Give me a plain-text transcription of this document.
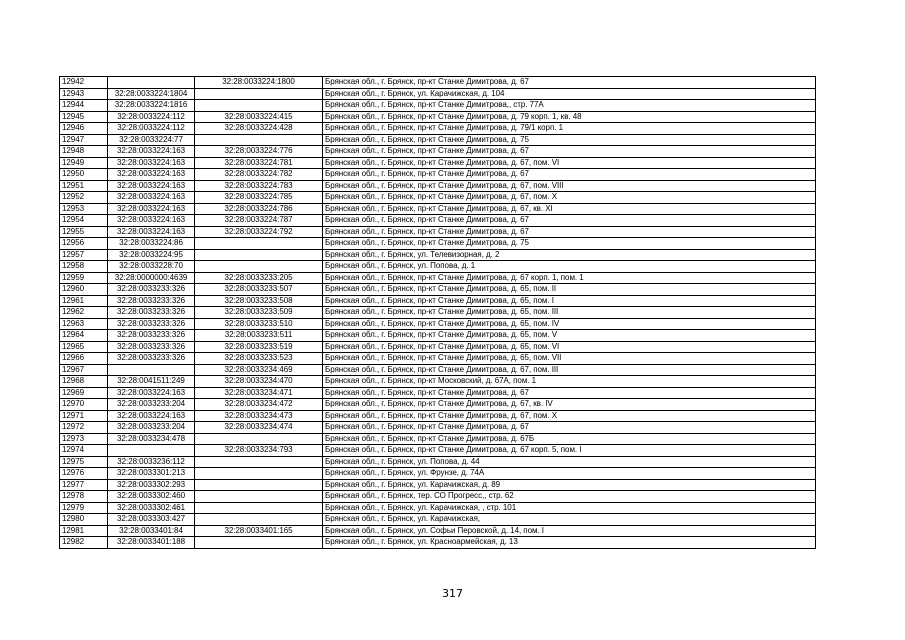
12942		32:28:0033224:1800	Брянская обл., г. Брянск, пр-кт Станке Димитрова, д. 67
12943	32:28:0033224:1804		Брянская обл., г. Брянск, ул. Карачижская, д. 104
12944	32:28:0033224:1816		Брянская обл., г. Брянск, пр-кт Станке Димитрова,, стр. 77А
12945	32:28:0033224:112	32:28:0033224:415	Брянская обл., г. Брянск, пр-кт Станке Димитрова, д. 79 корп. 1, кв. 48
12946	32:28:0033224:112	32:28:0033224:428	Брянская обл., г. Брянск, пр-кт Станке Димитрова, д. 79/1 корп. 1
12947	32:28:0033224:77		Брянская обл., г. Брянск, пр-кт Станке Димитрова, д. 75
12948	32:28:0033224:163	32:28:0033224:776	Брянская обл., г. Брянск, пр-кт Станке Димитрова, д. 67
12949	32:28:0033224:163	32:28:0033224:781	Брянская обл., г. Брянск, пр-кт Станке Димитрова, д. 67, пом. VI
12950	32:28:0033224:163	32:28:0033224:782	Брянская обл., г. Брянск, пр-кт Станке Димитрова, д. 67
12951	32:28:0033224:163	32:28:0033224:783	Брянская обл., г. Брянск, пр-кт Станке Димитрова, д. 67, пом. VIII
12952	32:28:0033224:163	32:28:0033224:785	Брянская обл., г. Брянск, пр-кт Станке Димитрова, д. 67, пом. Х
12953	32:28:0033224:163	32:28:0033224:786	Брянская обл., г. Брянск, пр-кт Станке Димитрова, д. 67, кв. XI
12954	32:28:0033224:163	32:28:0033224:787	Брянская обл., г. Брянск, пр-кт Станке Димитрова, д. 67
12955	32:28:0033224:163	32:28:0033224:792	Брянская обл., г. Брянск, пр-кт Станке Димитрова, д. 67
12956	32:28:0033224:86		Брянская обл., г. Брянск, пр-кт Станке Димитрова, д. 75
12957	32:28:0033224:95		Брянская обл., г. Брянск, ул. Телевизорная, д. 2
12958	32:28:0033228:70		Брянская обл., г. Брянск, ул. Попова, д. 1
12959	32:28:0000000:4639	32:28:0033233:205	Брянская обл., г. Брянск, пр-кт Станке Димитрова, д. 67 корп. 1, пом. 1
12960	32:28:0033233:326	32:28:0033233:507	Брянская обл., г. Брянск, пр-кт Станке Димитрова, д. 65, пом. II
12961	32:28:0033233:326	32:28:0033233:508	Брянская обл., г. Брянск, пр-кт Станке Димитрова, д. 65, пом. I
12962	32:28:0033233:326	32:28:0033233:509	Брянская обл., г. Брянск, пр-кт Станке Димитрова, д. 65, пом. III
12963	32:28:0033233:326	32:28:0033233:510	Брянская обл., г. Брянск, пр-кт Станке Димитрова, д. 65, пом. IV
12964	32:28:0033233:326	32:28:0033233:511	Брянская обл., г. Брянск, пр-кт Станке Димитрова, д. 65, пом. V
12965	32:28:0033233:326	32:28:0033233:519	Брянская обл., г. Брянск, пр-кт Станке Димитрова, д. 65, пом. VI
12966	32:28:0033233:326	32:28:0033233:523	Брянская обл., г. Брянск, пр-кт Станке Димитрова, д. 65, пом. VII
12967		32:28:0033234:469	Брянская обл., г. Брянск, пр-кт Станке Димитрова, д. 67, пом. III
12968	32:28:0041511:249	32:28:0033234:470	Брянская обл., г. Брянск, пр-кт Московский, д. 67А, пом. 1
12969	32:28:0033224:163	32:28:0033234:471	Брянская обл., г. Брянск, пр-кт Станке Димитрова, д. 67
12970	32:28:0033233:204	32:28:0033234:472	Брянская обл., г. Брянск, пр-кт Станке Димитрова, д. 67, кв. IV
12971	32:28:0033224:163	32:28:0033234:473	Брянская обл., г. Брянск, пр-кт Станке Димитрова, д. 67, пом. Х
12972	32:28:0033233:204	32:28:0033234:474	Брянская обл., г. Брянск, пр-кт Станке Димитрова, д. 67
12973	32:28:0033234:478		Брянская обл., г. Брянск, пр-кт Станке Димитрова, д. 67Б
12974		32:28:0033234:793	Брянская обл., г. Брянск, пр-кт Станке Димитрова, д. 67 корп. 5, пом. I
12975	32:28:0033236:112		Брянская обл., г. Брянск, ул. Попова, д. 44
12976	32:28:0033301:213		Брянская обл., г. Брянск, ул. Фрунзе, д. 74А
12977	32:28:0033302:293		Брянская обл., г. Брянск, ул. Карачижская, д. 89
12978	32:28:0033302:460		Брянская обл., г. Брянск, тер. СО Прогресс,, стр. 62
12979	32:28:0033302:461		Брянская обл., г. Брянск, ул. Карачижская, , стр. 101
12980	32:28:0033303:427		Брянская обл., г. Брянск, ул. Карачижская,
12981	32:28:0033401:84	32:28:0033401:165	Брянская обл., г. Брянск, ул. Софьи Перовской, д. 14, пом. I
12982	32:28:0033401:188		Брянская обл., г. Брянск, ул. Красноармейская, д. 13
317
